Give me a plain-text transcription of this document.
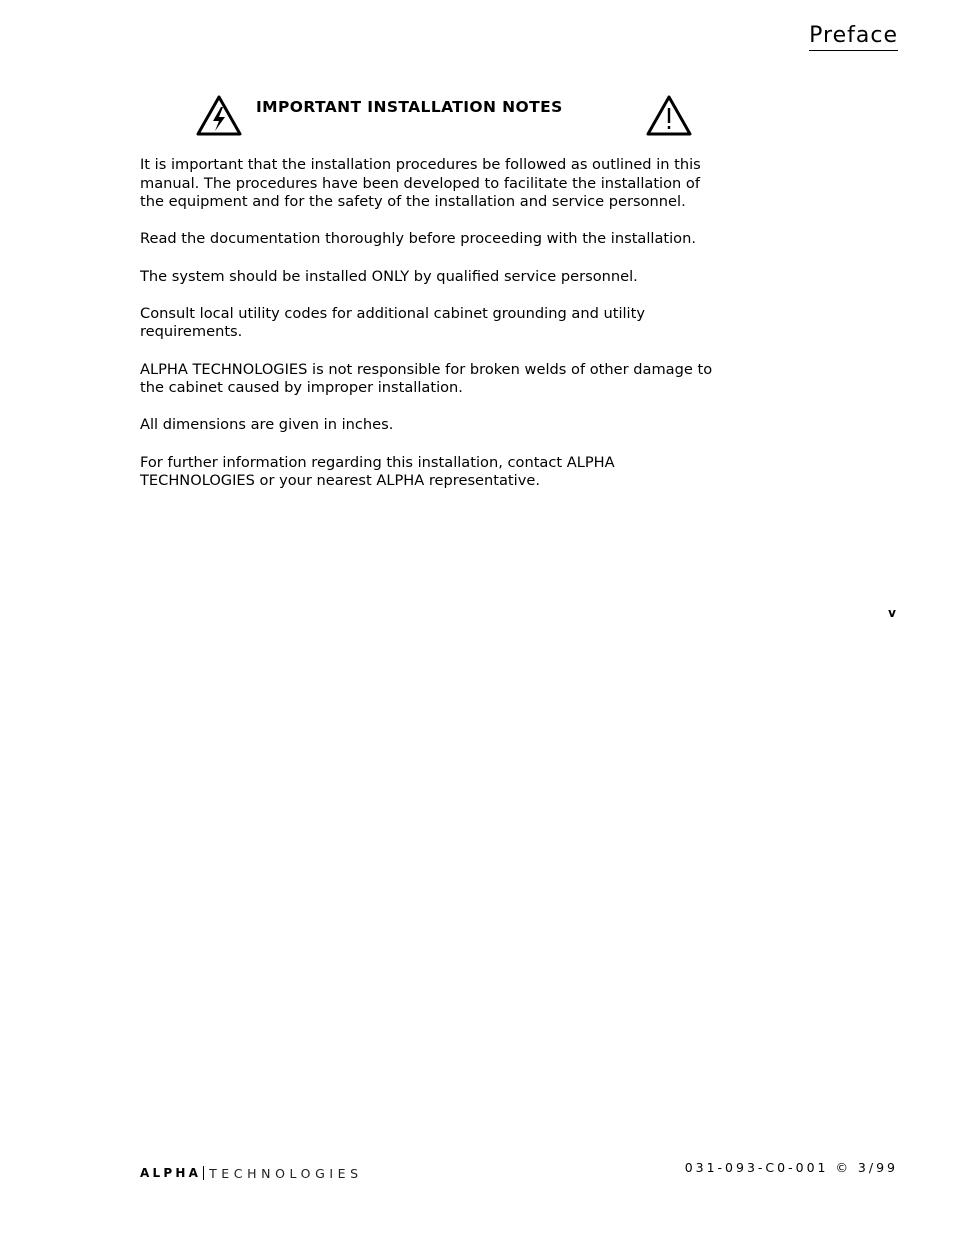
Preface
IMPORTANT INSTALLATION NOTES

It is important that the installation procedures be followed as outlined in this
manual. The procedures have been developed to facilitate the installation of
the equipment and for the safety of the installation and service personnel.

Read the documentation thoroughly before proceeding with the installation.

The system should be installed ONLY by qualified service personnel.

Consult local utility codes for additional cabinet grounding and utility
requirements.

ALPHA TECHNOLOGIES is not responsible for broken welds of other damage to
the cabinet caused by improper installation.

All dimensions are given in inches.

For further information regarding this installation, contact ALPHA
TECHNOLOGIES or your nearest ALPHA representative.

v
ALPHA TECHNOLOGIES	031-093-C0-001 © 3/99
